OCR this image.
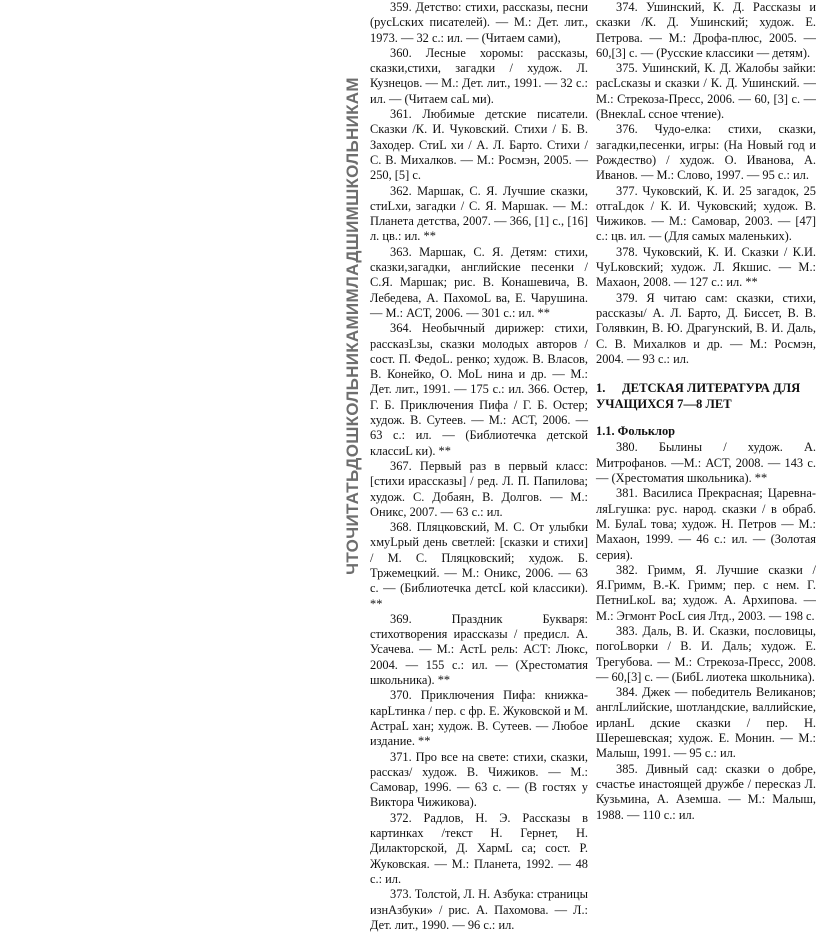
ЧТОЧИТАТЬДОШКОЛЬНИКАМИМЛАДШИМШКОЛЬНИКАМ

359. Детство: стихи, рассказы, песни (русLских писателей). — М.: Дет. лит., 1973. — 32 с.: ил. — (Читаем сами),

360. Лесные хоромы: рассказы, сказки,стихи, загадки / худож. Л. Кузнецов. — М.: Дет. лит., 1991. — 32 с.: ил. — (Читаем саL ми).

361. Любимые детские писатели. Сказки /К. И. Чуковский. Стихи / Б. В. Заходер. СтиL хи / А. Л. Барто. Стихи / С. В. Михалков. — М.: Росмэн, 2005. — 250, [5] с.

362. Маршак, С. Я. Лучшие сказки, стиLхи, загадки / С. Я. Маршак. — М.: Планета детства, 2007. — 366, [1] с., [16] л. цв.: ил. **

363. Маршак, С. Я. Детям: стихи, сказки,загадки, английские песенки / С.Я. Маршак; рис. В. Конашевича, В. Лебедева, А. ПахомоL ва, Е. Чарушина. — М.: АСТ, 2006. — 301 с.: ил. **

364. Необычный дирижер: стихи, рассказLзы, сказки молодых авторов / сост. П. ФедоL. ренко; худож. В. Власов, В. Конейко, О. МоL нина и др. — М.: Дет. лит., 1991. — 175 с.: ил. 366. Остер, Г. Б. Приключения Пифа / Г. Б. Остер; худож. В. Сутеев. — М.: АСТ, 2006. — 63 с.: ил. — (Библиотечка детской классиL ки). **

367. Первый раз в первый класс: [стихи ирассказы] / ред. Л. П. Папилова; худож. С. Добаян, В. Долгов. — М.: Оникс, 2007. — 63 с.: ил.

368. Пляцковский, М. С. От улыбки хмуLрый день светлей: [сказки и стихи] / М. С. Пляцковский; худож. Б. Тржемецкий. — М.: Оникс, 2006. — 63 с. — (Библиотечка детсL кой классики). **

369. Праздник Букваря: стихотворения ирассказы / предисл. А. Усачева. — М.: АстL рель: АСТ: Люкс, 2004. — 155 с.: ил. — (Хрестоматия школьника). **

370. Приключения Пифа: книжка-карLтинка / пер. с фр. Е. Жуковской и М. АстраL хан; худож. В. Сутеев. — Любое издание. **

371. Про все на свете: стихи, сказки, рассказ/ худож. В. Чижиков. — М.: Самовар, 1996. — 63 с. — (В гостях у Виктора Чижикова).

372. Радлов, Н. Э. Рассказы в картинках /текст Н. Гернет, Н. Дилакторской, Д. ХармL са; сост. Р. Жуковская. — М.: Планета, 1992. — 48 с.: ил.

373. Толстой, Л. Н. Азбука: страницы изнАзбуки» / рис. А. Пахомова. — Л.: Дет. лит., 1990. — 96 с.: ил.

374. Ушинский, К. Д. Рассказы и сказки /К. Д. Ушинский; худож. Е. Петрова. — М.: Дрофа-плюс, 2005. — 60,[3] с. — (Русские классики — детям).

375. Ушинский, К. Д. Жалобы зайки: расLсказы и сказки / К. Д. Ушинский. — М.: Стрекоза-Пресс, 2006. — 60, [3] с. — (ВнеклаL ссное чтение).

376. Чудо-елка: стихи, сказки, загадки,песенки, игры: (На Новый год и Рождество) / худож. О. Иванова, А. Иванов. — М.: Слово, 1997. — 95 с.: ил.

377. Чуковский, К. И. 25 загадок, 25 отгаLдок / К. И. Чуковский; худож. В. Чижиков. — М.: Самовар, 2003. — [47] с.: цв. ил. — (Для самых маленьких).

378. Чуковский, К. И. Сказки / К.И. ЧуLковский; худож. Л. Якшис. — М.: Махаон, 2008. — 127 с.: ил. **

379. Я читаю сам: сказки, стихи, рассказы/ А. Л. Барто, Д. Биссет, В. В. Голявкин, В. Ю. Драгунский, В. И. Даль, С. В. Михалков и др. — М.: Росмэн, 2004. — 93 с.: ил.

1. ДЕТСКАЯ ЛИТЕРАТУРА ДЛЯ УЧАЩИХСЯ 7—8 ЛЕТ

1.1. Фольклор

380. Былины / худож. А. Митрофанов. —М.: АСТ, 2008. — 143 с. — (Хрестоматия школьника). **

381. Василиса Прекрасная; Царевна-ляLгушка: рус. народ. сказки / в обраб. М. БулаL това; худож. Н. Петров — М.: Махаон, 1999. — 46 с.: ил. — (Золотая серия).

382. Гримм, Я. Лучшие сказки / Я.Гримм, В.-К. Гримм; пер. с нем. Г. ПетниLкоL ва; худож. А. Архипова. — М.: Эгмонт РосL сия Лтд., 2003. — 198 с.

383. Даль, В. И. Сказки, пословицы, погоLворки / В. И. Даль; худож. Е. Трегубова. — М.: Стрекоза-Пресс, 2008. — 60,[3] с. — (БибL лиотека школьника).

384. Джек — победитель Великанов; англLлийские, шотландские, валлийские, ирланL дские сказки / пер. Н. Шерешевская; худож. Е. Монин. — М.: Малыш, 1991. — 95 с.: ил.

385. Дивный сад: сказки о добре, счастье инастоящей дружбе / пересказ Л. Кузьмина, А. Аземша. — М.: Малыш, 1988. — 110 с.: ил.
